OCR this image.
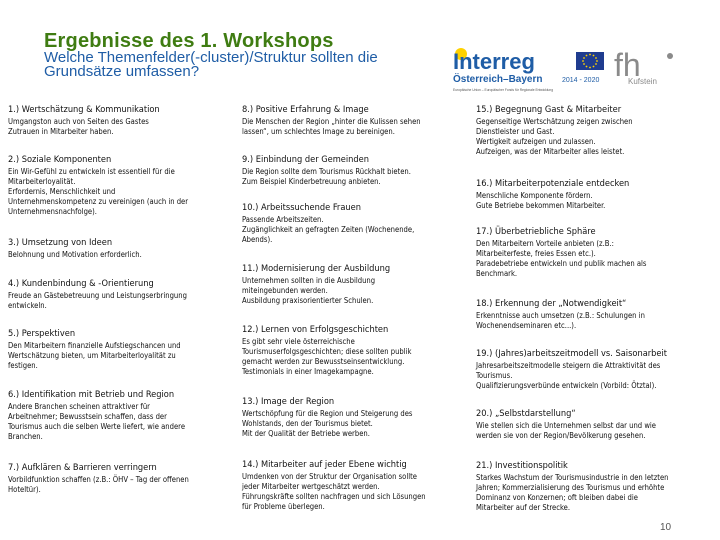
Ergebnisse des 1. Workshops
Welche Themenfelder(-cluster)/Struktur sollten die Grundsätze umfassen?	Interreg
Österreich–Bayern	2014 - 2020
Europäische Union – Europäischer Fonds für Regionale Entwicklung
fh
Kufstein
1.) Wertschätzung & Kommunikation
Umgangston auch von Seiten des Gastes
Zutrauen in Mitarbeiter haben.
2.) Soziale Komponenten
Ein Wir-Gefühl zu entwickeln ist essentiell für die
Mitarbeiterloyalität.
Erfordernis, Menschlichkeit und
Unternehmenskompetenz zu vereinigen (auch in der
Unternehmensnachfolge).
3.) Umsetzung von Ideen
Belohnung und Motivation erforderlich.
4.) Kundenbindung & -Orientierung
Freude an Gästebetreuung und Leistungserbringung
entwickeln.
5.) Perspektiven
Den Mitarbeitern finanzielle Aufstiegschancen und
Wertschätzung bieten, um Mitarbeiterloyalität zu
festigen.
6.) Identifikation mit Betrieb und Region
Andere Branchen scheinen attraktiver für
Arbeitnehmer; Bewusstsein schaffen, dass der
Tourismus auch die selben Werte liefert, wie andere
Branchen.
7.) Aufklären & Barrieren verringern
Vorbildfunktion schaffen (z.B.: ÖHV – Tag der offenen
Hoteltür).
8.) Positive Erfahrung & Image
Die Menschen der Region „hinter die Kulissen sehen
lassen“, um schlechtes Image zu bereinigen.
9.) Einbindung der Gemeinden
Die Region sollte dem Tourismus Rückhalt bieten.
Zum Beispiel Kinderbetreuung anbieten.
10.) Arbeitssuchende Frauen
Passende Arbeitszeiten.
Zugänglichkeit an gefragten Zeiten (Wochenende,
Abends).
11.) Modernisierung der Ausbildung
Unternehmen sollten in die Ausbildung
miteingebunden werden.
Ausbildung praxisorientierter Schulen.
12.) Lernen von Erfolgsgeschichten
Es gibt sehr viele österreichische
Tourismuserfolgsgeschichten; diese sollten publik
gemacht werden zur Bewusstseinsentwicklung.
Testimonials in einer Imagekampagne.
13.) Image der Region
Wertschöpfung für die Region und Steigerung des
Wohlstands, den der Tourismus bietet.
Mit der Qualität der Betriebe werben.
14.) Mitarbeiter auf jeder Ebene wichtig
Umdenken von der Struktur der Organisation sollte
jeder Mitarbeiter wertgeschätzt werden.
Führungskräfte sollten nachfragen und sich Lösungen
für Probleme überlegen.
15.) Begegnung Gast & Mitarbeiter
Gegenseitige Wertschätzung zeigen zwischen
Dienstleister und Gast.
Wertigkeit aufzeigen und zulassen.
Aufzeigen, was der Mitarbeiter alles leistet.
16.) Mitarbeiterpotenziale entdecken
Menschliche Komponente fördern.
Gute Betriebe bekommen Mitarbeiter.
17.) Überbetriebliche Sphäre
Den Mitarbeitern Vorteile anbieten (z.B.:
Mitarbeiterfeste, freies Essen etc.).
Paradebetriebe entwickeln und publik machen als
Benchmark.
18.) Erkennung der „Notwendigkeit“
Erkenntnisse auch umsetzen (z.B.: Schulungen in
Wochenendseminaren etc...).
19.) (Jahres)arbeitszeitmodell vs. Saisonarbeit
Jahresarbeitszeitmodelle steigern die Attraktivität des
Tourismus.
Qualifizierungsverbünde entwickeln (Vorbild: Ötztal).
20.) „Selbstdarstellung“
Wie stellen sich die Unternehmen selbst dar und wie
werden sie von der Region/Bevölkerung gesehen.
21.) Investitionspolitik
Starkes Wachstum der Tourismusindustrie in den letzten
Jahren; Kommerzialisierung des Tourismus und erhöhte
Dominanz von Konzernen; oft bleiben dabei die
Mitarbeiter auf der Strecke.
10
